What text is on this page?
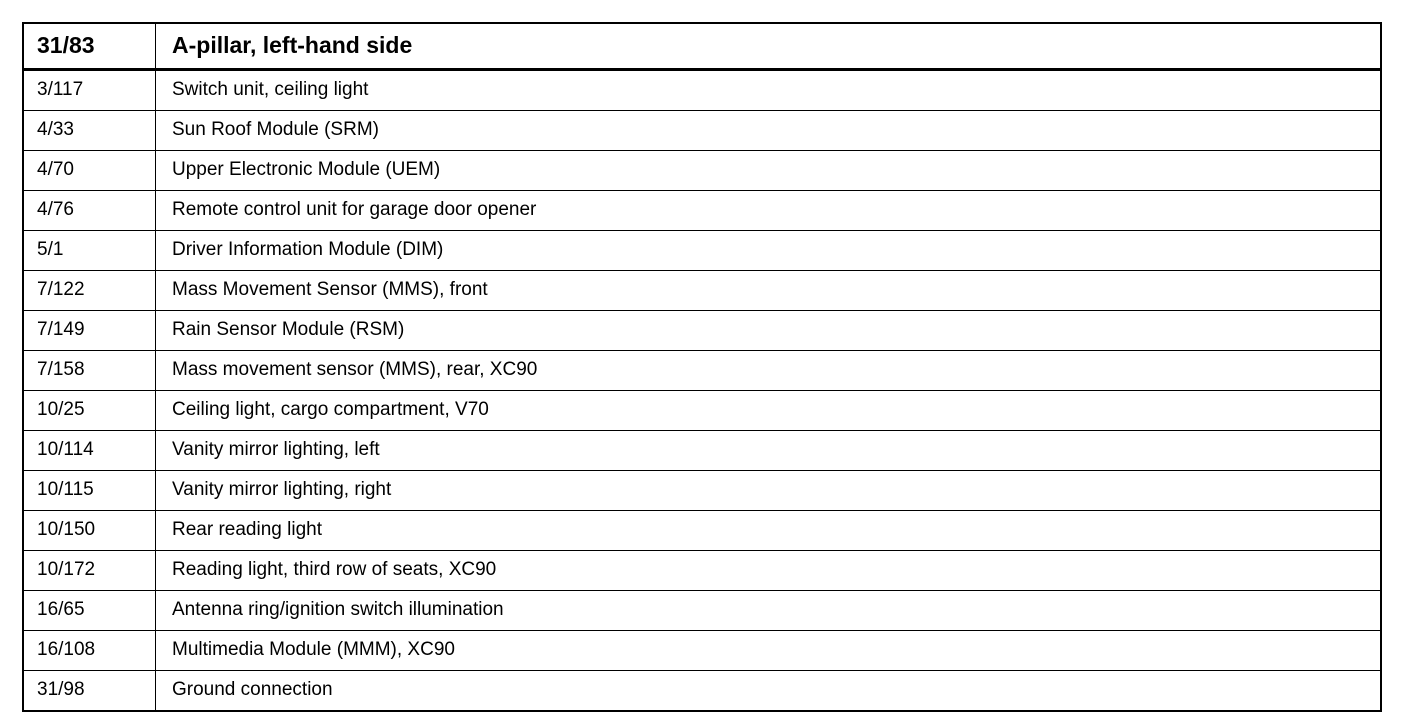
31/83	A-pillar, left-hand side

3/117	Switch unit, ceiling light

4/33	Sun Roof Module (SRM)

4/70	Upper Electronic Module (UEM)

4/76	Remote control unit for garage door opener

5/1	Driver Information Module (DIM)

7/122	Mass Movement Sensor (MMS), front

7/149	Rain Sensor Module (RSM)

7/158	Mass movement sensor (MMS), rear, XC90

10/25	Ceiling light, cargo compartment, V70

10/114	Vanity mirror lighting, left

10/115	Vanity mirror lighting, right

10/150	Rear reading light

10/172	Reading light, third row of seats, XC90

16/65	Antenna ring/ignition switch illumination

16/108	Multimedia Module (MMM), XC90

31/98	Ground connection
